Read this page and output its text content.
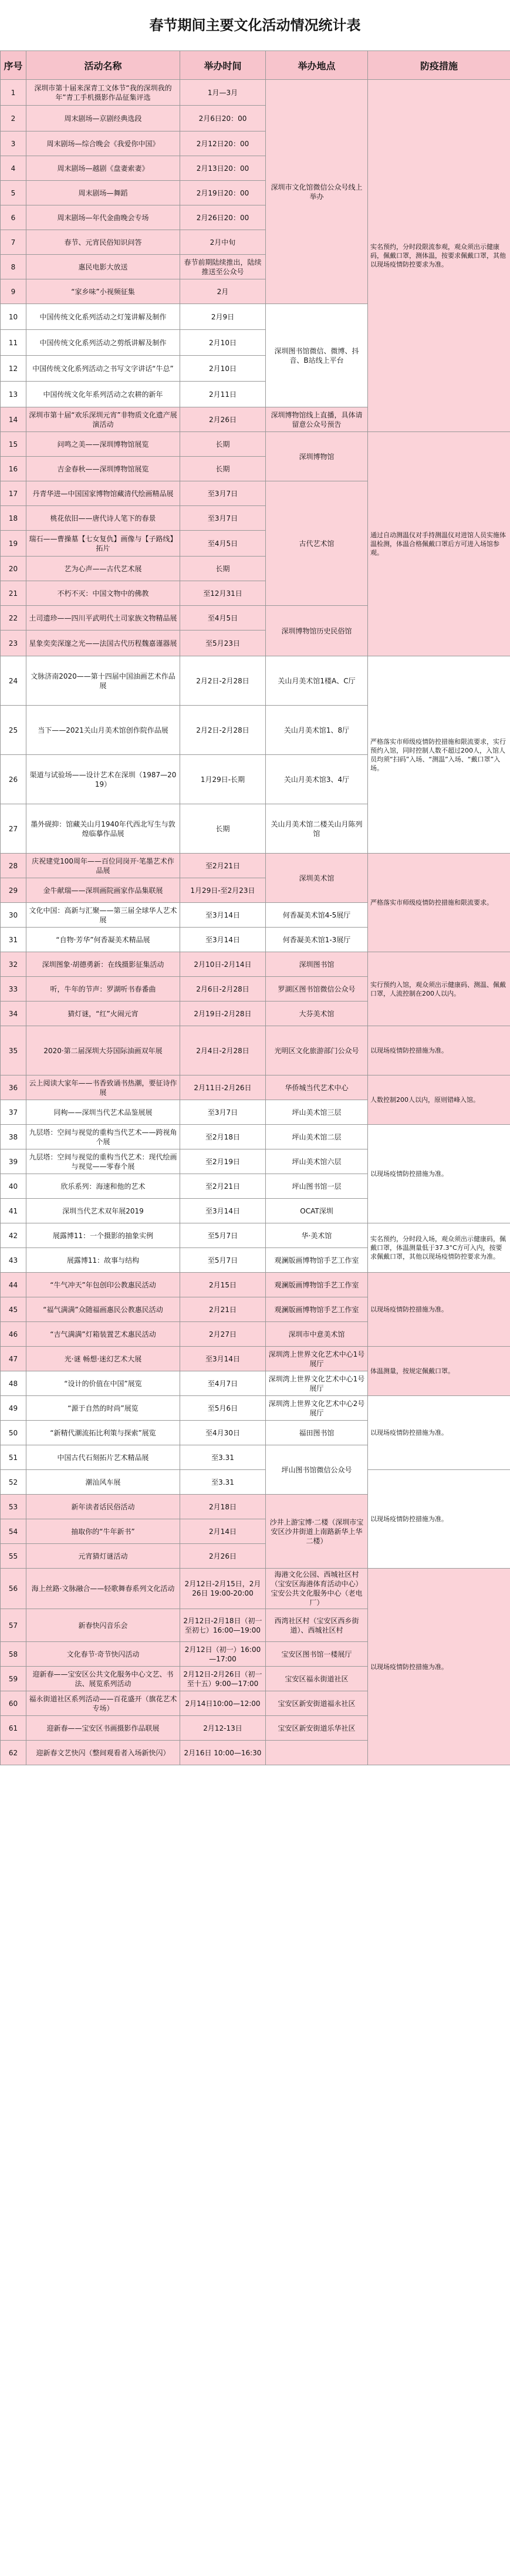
春节期间主要文化活动情况统计表
序号	活动名称	举办时间	举办地点	防疫措施
1	深圳市第十届来深青工文体节“我的深圳我的年”青工手机摄影作品征集评选	1月—3月	深圳市文化馆微信公众号线上举办	实名预约，分时段限流参观，观众须出示健康码，佩戴口罩，测体温，按要求佩戴口罩，其他以现场疫情防控要求为准。
2	周末剧场—京剧经典选段	2月6日20：00		
3	周末剧场—综合晚会《我爱你中国》	2月12日20：00		
4	周末剧场—越剧《盘妻索妻》	2月13日20：00		
5	周末剧场—舞蹈	2月19日20：00		
6	周末剧场—年代金曲晚会专场	2月26日20：00		
7	春节、元宵民俗知识问答	2月中旬		
8	惠民电影大放送	春节前期陆续推出，陆续推送至公众号		
9	“家乡味”小视频征集	2月		
10	中国传统文化系列活动之灯笼讲解及制作	2月9日	深圳图书馆微信、微博、抖音、B站线上平台	
11	中国传统文化系列活动之剪纸讲解及制作	2月10日		
12	中国传统文化系列活动之书写文字讲话“牛总”	2月10日		
13	中国传统文化年系列活动之农耕的新年	2月11日		
14	深圳市第十届“欢乐深圳元宵”非物质文化遗产展演活动	2月26日	深圳博物馆线上直播，具体请留意公众号预告	
15	问鸣之美——深圳博物馆展览	长期	深圳博物馆	通过自动测温仪对手持测温仪对进馆人员实施体温检测，体温合格佩戴口罩后方可进入场馆参观。
16	吉金春秋——深圳博物馆展览	长期		
17	丹青华进—中国国家博物馆藏清代绘画精品展	至3月7日	古代艺术馆	
18	桃花依旧——唐代诗人笔下的春景	至3月7日		
19	瑞石——曹操墓【七女复仇】画像与【子路线】拓片	至4月5日		
20	艺为心声——古代艺术展	长期		
21	不朽不灭：中国文物中的佛教	至12月31日		
22	土司遗珍——四川平武明代土司家族文物精品展	至4月5日	深圳博物馆历史民俗馆	
23	星象奕奕深邃之光——法国古代历程魏嘉谨器展	至5月23日		
24	文脉济南2020——第十四届中国油画艺术作品展	2月2日-2月28日	关山月美术馆1楼A、C厅	严格落实市师级疫情防控措施和限流要求，实行预约入馆，同时控制人数不超过200人，入馆人员均须“扫码”入场、“测温”入场、“戴口罩”入场。
25	当下——2021关山月美术馆创作院作品展	2月2日-2月28日	关山月美术馆1、8厅	
26	渠道与试验场——设计艺术在深圳（1987—2019）	1月29日-长期	关山月美术馆3、4厅	
27	墨外砚抑：馆藏关山月1940年代西北写生与敦煌临摹作品展	长期	关山月美术馆二楼关山月陈列馆	
28	庆祝建党100周年——百位同岗开·笔墨艺术作品展	至2月21日	深圳美术馆	严格落实市师级疫情防控措施和限流要求。
29	金牛献瑞——深圳画院画家作品集联展	1月29日-至2月23日		
30	文化中国：高新与汇聚——第三届全球华人艺术展	至3月14日	何香凝美术馆4-5展厅	
31	“自物·芳华”何香凝美术精品展	至3月14日	何香凝美术馆1-3展厅	
32	深圳图象·胡德勇新：在线摄影征集活动	2月10日-2月14日	深圳图书馆	实行预约入馆，观众须出示健康码、测温、佩戴口罩，人流控制在200人以内。
33	听，牛年的节声：罗湖听书春番曲	2月6日-2月28日	罗湖区图书馆微信公众号	
34	猜灯谜，“红”火闹元宵	2月19日-2月28日	大芬美术馆	
35	2020·第二届深圳大芬国际油画双年展	2月4日-2月28日	光明区文化旅游部门公众号	以现场疫情防控措施为准。
36	云上阅读大家年——书香致诵书热潮，要征诗作展	2月11日-2月26日	华侨城当代艺术中心	人数控制200人以内，原则错峰入馆。
37	同枸——深圳当代艺术品鉴展展	至3月7日	坪山美术馆三层	
38	九层塔：空间与视觉的重构当代艺术——跨视角个展	至2月18日	坪山美术馆二层	以现场疫情防控措施为准。
39	九层塔：空间与视觉的重构当代艺术：现代绘画与视觉——零春个展	至2月19日	坪山美术馆六层	
40	欣乐系列：海速和他的艺术	至2月21日	坪山图书馆一层	
41	深圳当代艺术双年展2019	至3月14日	OCAT深圳	
42	展露博11：一个摄影的抽象实例	至5月7日	华·美术馆	实名预约，分时段入场，观众须出示健康码，佩戴口罩，体温测量低于37.3°C方可入内，按要求佩戴口罩，其他以现场疫情防控要求为准。
43	展露博11：故事与结构	至5月7日	观澜版画博物馆手艺工作室	
44	“牛气冲天”年包创印公教惠民活动	2月15日	观澜版画博物馆手艺工作室	以现场疫情防控措施为准。
45	“福气满满”众随福画惠民公教惠民活动	2月21日	观澜版画博物馆手艺工作室	
46	“吉气满满”灯箱装置艺术惠民活动	2月27日	深圳市中意美术馆	
47	光·谜 畅想·迷幻艺术大展	至3月14日	深圳湾上世界文化艺术中心1号展厅	体温测量，按规定佩戴口罩。
48	“设计的价值在中国”展览	至4月7日	深圳湾上世界文化艺术中心1号展厅	
49	“源于自然的时尚”展览	至5月6日	深圳湾上世界文化艺术中心2号展厅	以现场疫情防控措施为准。
50	“新精代潮流拓比利策与探索”展览	至4月30日	福田图书馆	
51	中国古代石刻拓片艺术精品展	至3.31	坪山图书馆微信公众号	
52	潮汕风车展	至3.31		以现场疫情防控措施为准。
53	新年读者话民俗活动	2月18日	沙井上游宝博·二楼（深圳市宝安区沙井街道上南路新华上华二楼）	
54	抽取你的“牛年新书”	2月14日		
55	元宵猜灯谜活动	2月26日		
56	海上丝路·文脉融合——轻歌舞春系列文化活动	2月12日-2月15日，2月26日 19:00-20:00	海港文化公园、西城社区村（宝安区海港体育活动中心）宝安公共文化服务中心（老电厂）	以现场疫情防控措施为准。
57	新春快闪音乐会	2月12日-2月18日（初一至初七）16:00—19:00	西湾社区村（宝安区西乡街道）、西城社区村	
58	文化春节·奇节快闪活动	2月12日（初一）16:00—17:00	宝安区图书馆一楼展厅	
59	迎新春——宝安区公共文化服务中心文艺、书法、展览系列活动	2月12日-2月26日（初一至十五）9:00—17:00	宝安区福永街道社区	
60	福永街道社区系列活动——百花盛开（旗花艺术专场）	2月14日10:00—12:00	宝安区新安街道福永社区	
61	迎新春——宝安区书画摄影作品联展	2月12-13日	宝安区新安街道乐华社区	
62	迎新春文艺快闪（整间观看者入场新快闪）	2月16日 10:00—16:30		
